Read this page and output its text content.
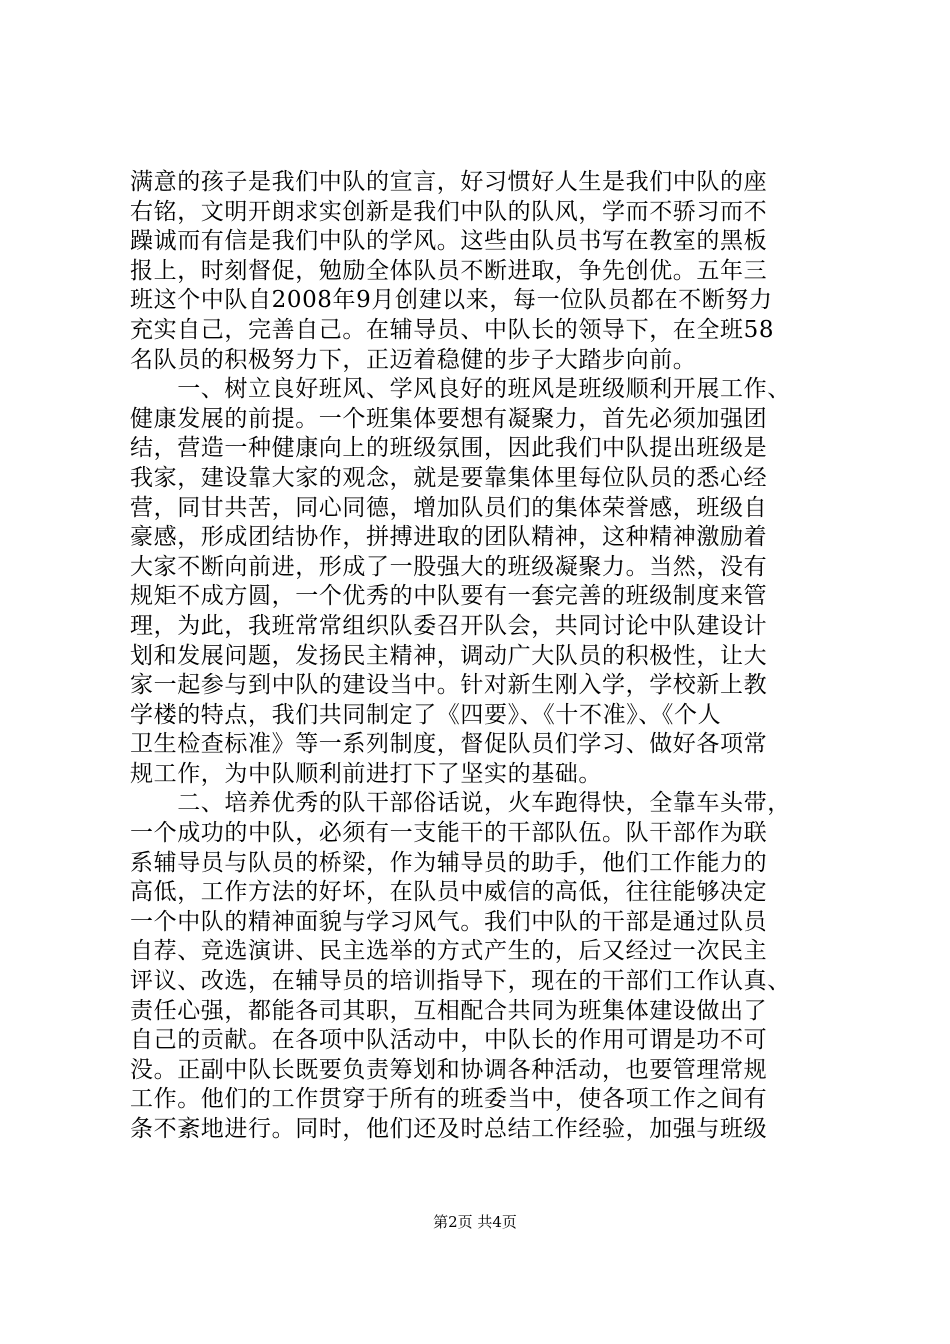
满意的孩子是我们中队的宣言，好习惯好人生是我们中队的座
右铭，文明开朗求实创新是我们中队的队风，学而不骄习而不
躁诚而有信是我们中队的学风。这些由队员书写在教室的黑板
报上，时刻督促，勉励全体队员不断进取，争先创优。五年三
班这个中队自2008年9月创建以来，每一位队员都在不断努力
充实自己，完善自己。在辅导员、中队长的领导下，在全班58
名队员的积极努力下，正迈着稳健的步子大踏步向前。
　　一、树立良好班风、学风良好的班风是班级顺利开展工作、
健康发展的前提。一个班集体要想有凝聚力，首先必须加强团
结，营造一种健康向上的班级氛围，因此我们中队提出班级是
我家，建设靠大家的观念，就是要靠集体里每位队员的悉心经
营，同甘共苦，同心同德，增加队员们的集体荣誉感，班级自
豪感，形成团结协作，拼搏进取的团队精神，这种精神激励着
大家不断向前进，形成了一股强大的班级凝聚力。当然，没有
规矩不成方圆，一个优秀的中队要有一套完善的班级制度来管
理，为此，我班常常组织队委召开队会，共同讨论中队建设计
划和发展问题，发扬民主精神，调动广大队员的积极性，让大
家一起参与到中队的建设当中。针对新生刚入学，学校新上教
学楼的特点，我们共同制定了《四要》、《十不准》、《个人
卫生检查标准》等一系列制度，督促队员们学习、做好各项常
规工作，为中队顺利前进打下了坚实的基础。
　　二、培养优秀的队干部俗话说，火车跑得快，全靠车头带，
一个成功的中队，必须有一支能干的干部队伍。队干部作为联
系辅导员与队员的桥梁，作为辅导员的助手，他们工作能力的
高低，工作方法的好坏，在队员中威信的高低，往往能够决定
一个中队的精神面貌与学习风气。我们中队的干部是通过队员
自荐、竞选演讲、民主选举的方式产生的，后又经过一次民主
评议、改选，在辅导员的培训指导下，现在的干部们工作认真、
责任心强，都能各司其职，互相配合共同为班集体建设做出了
自己的贡献。在各项中队活动中，中队长的作用可谓是功不可
没。正副中队长既要负责筹划和协调各种活动，也要管理常规
工作。他们的工作贯穿于所有的班委当中，使各项工作之间有
条不紊地进行。同时，他们还及时总结工作经验，加强与班级
第2页 共4页
